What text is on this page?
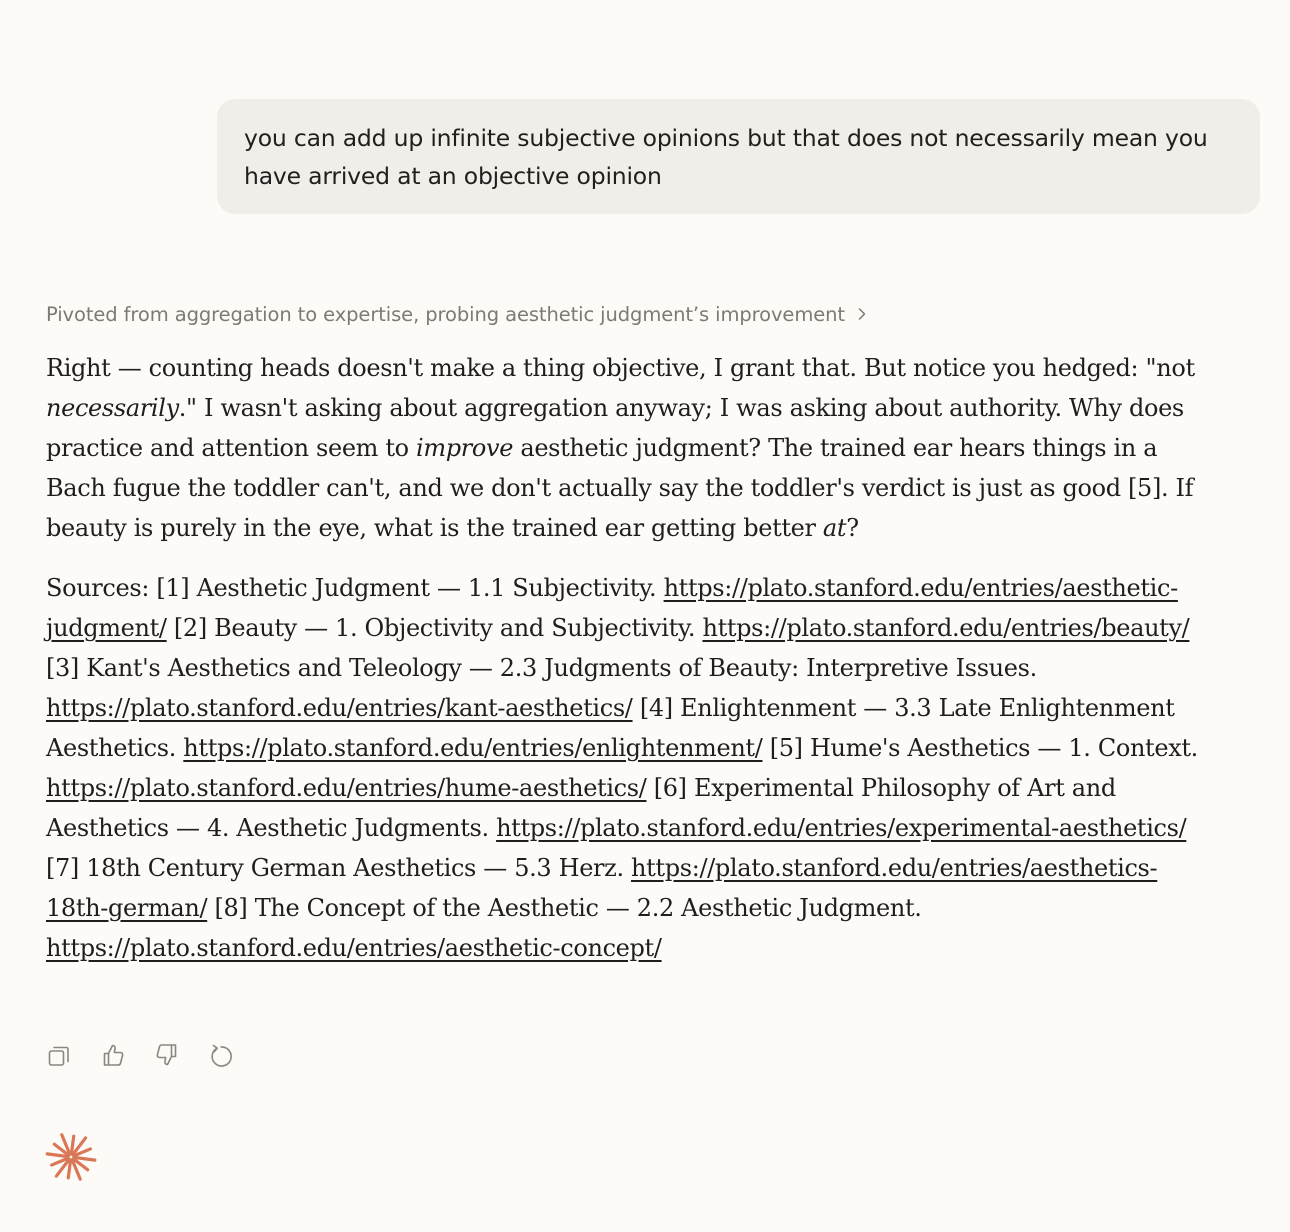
you can add up infinite subjective opinions but that does not necessarily mean you have arrived at an objective opinion
Pivoted from aggregation to expertise, probing aesthetic judgment’s improvement

Right — counting heads doesn't make a thing objective, I grant that. But notice you hedged: "not necessarily." I wasn't asking about aggregation anyway; I was asking about authority. Why does practice and attention seem to improve aesthetic judgment? The trained ear hears things in a Bach fugue the toddler can't, and we don't actually say the toddler's verdict is just as good [5]. If beauty is purely in the eye, what is the trained ear getting better at?

Sources: [1] Aesthetic Judgment — 1.1 Subjectivity. https://plato.stanford.edu/entries/aesthetic-judgment/ [2] Beauty — 1. Objectivity and Subjectivity. https://plato.stanford.edu/entries/beauty/ [3] Kant's Aesthetics and Teleology — 2.3 Judgments of Beauty: Interpretive Issues. https://plato.stanford.edu/entries/kant-aesthetics/ [4] Enlightenment — 3.3 Late Enlightenment Aesthetics. https://plato.stanford.edu/entries/enlightenment/ [5] Hume's Aesthetics — 1. Context. https://plato.stanford.edu/entries/hume-aesthetics/ [6] Experimental Philosophy of Art and Aesthetics — 4. Aesthetic Judgments. https://plato.stanford.edu/entries/experimental-aesthetics/ [7] 18th Century German Aesthetics — 5.3 Herz. https://plato.stanford.edu/entries/aesthetics-18th-german/ [8] The Concept of the Aesthetic — 2.2 Aesthetic Judgment. https://plato.stanford.edu/entries/aesthetic-concept/
